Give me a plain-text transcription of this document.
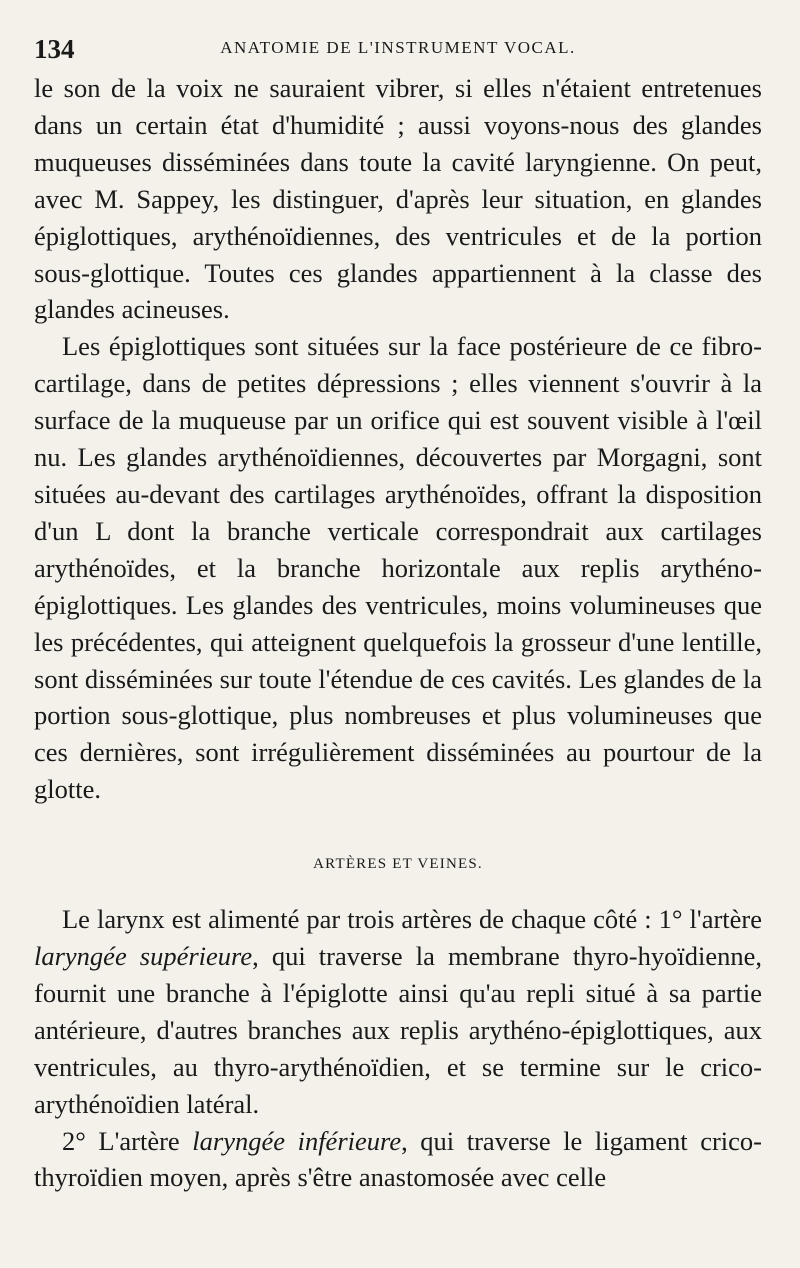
134	ANATOMIE DE L'INSTRUMENT VOCAL.

le son de la voix ne sauraient vibrer, si elles n'étaient entretenues dans un certain état d'humidité ; aussi voyons-nous des glandes muqueuses disséminées dans toute la cavité laryngienne. On peut, avec M. Sappey, les distinguer, d'après leur situation, en glandes épiglottiques, arythénoïdiennes, des ventricules et de la portion sous-glottique. Toutes ces glandes appartiennent à la classe des glandes acineuses.

Les épiglottiques sont situées sur la face postérieure de ce fibro-cartilage, dans de petites dépressions ; elles viennent s'ouvrir à la surface de la muqueuse par un orifice qui est souvent visible à l'œil nu. Les glandes arythénoïdiennes, découvertes par Morgagni, sont situées au-devant des cartilages arythénoïdes, offrant la disposition d'un L dont la branche verticale correspondrait aux cartilages arythénoïdes, et la branche horizontale aux replis arythéno-épiglottiques. Les glandes des ventricules, moins volumineuses que les précédentes, qui atteignent quelquefois la grosseur d'une lentille, sont disséminées sur toute l'étendue de ces cavités. Les glandes de la portion sous-glottique, plus nombreuses et plus volumineuses que ces dernières, sont irrégulièrement disséminées au pourtour de la glotte.

ARTÈRES ET VEINES.

Le larynx est alimenté par trois artères de chaque côté : 1° l'artère laryngée supérieure, qui traverse la membrane thyro-hyoïdienne, fournit une branche à l'épiglotte ainsi qu'au repli situé à sa partie antérieure, d'autres branches aux replis arythéno-épiglottiques, aux ventricules, au thyro-arythénoïdien, et se termine sur le crico-arythénoïdien latéral.

2° L'artère laryngée inférieure, qui traverse le ligament crico-thyroïdien moyen, après s'être anastomosée avec celle
